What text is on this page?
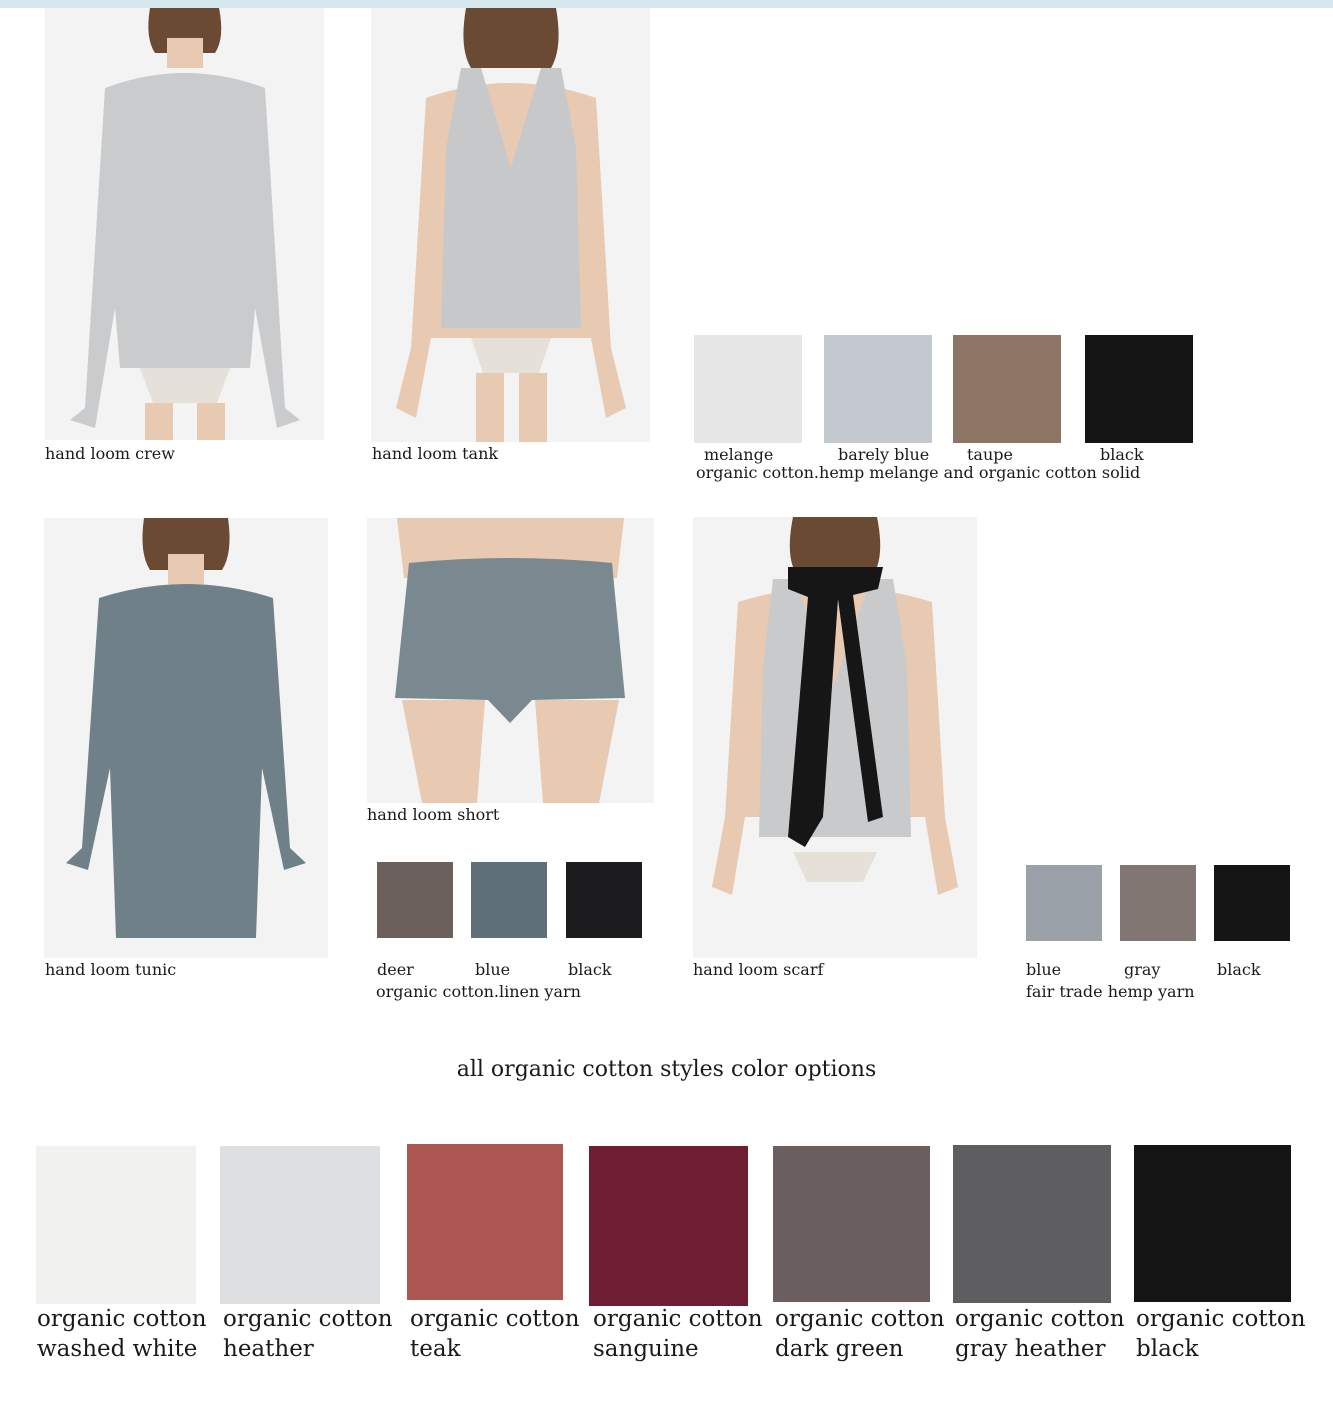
hand loom crew	hand loom tank	melange	barely blue taupe	black
organic cotton.hemp melange and organic cotton solid
hand loom tunic
hand loom short
deer	blue	black
organic cotton.linen yarn
hand loom scarf	blue	gray	black
fair trade hemp yarn
all organic cotton styles color options
organic cotton
washed white
organic cotton
heather
organic cotton
teak
organic cotton
sanguine
organic cotton
dark green
organic cotton
gray heather
organic cotton
black
